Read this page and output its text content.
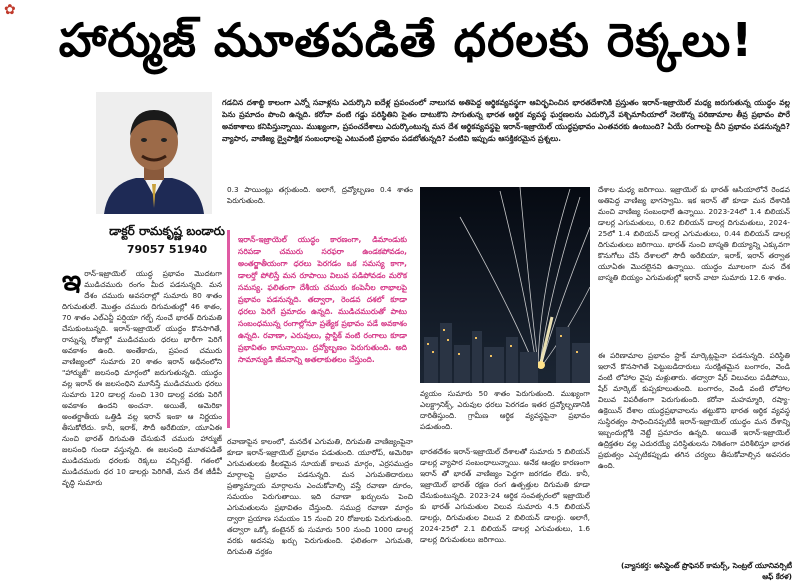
✿
హార్ముజ్ మూతపడితే ధరలకు రెక్కలు!
డాక్టర్ రామకృష్ణ బండారు
79057 51940
గడచిన దశాబ్ది కాలంగా ఎన్నో సవాళ్లను ఎదుర్కొని ఐదేళ్ల ప్రపంచంలో నాలుగవ అతిపెద్ద ఆర్థికవ్యవస్థగా ఆవిర్భవించిన భారతదేశానికి ప్రస్తుతం ఇరాన్-ఇజ్రాయెల్ మధ్య జరుగుతున్న యుద్ధం వల్ల పెను ప్రమాదం పొంచి ఉన్నది. కరోనా వంటి గడ్డు పరిస్థితిని సైతం దాటుకొని సాగుతున్న భారత ఆర్థిక వ్యవస్థ ఘర్షణలను ఎదుర్కొనే పశ్చిమాసియాలో నెలకొన్న పరిణామాల తీవ్ర ప్రభావం పొరే అవకాశాలు కనిపిస్తున్నాయి. ముఖ్యంగా, ప్రపంచదేశాలు ఎదుర్కొంటున్న మన దేశ ఆర్థికవ్యవస్థపై ఇరాన్-ఇజ్రాయెల్ యుద్ధప్రభావం ఎంతవరకు ఉంటుంది? ఏయే రంగాలపై దీని ప్రభావం పడనున్నది? వ్యాపార, వాణిజ్య ద్వైపాక్షిక సంబంధాలపై ఎటువంటి ప్రభావం పడబోతున్నది? వంటివి ఇప్పుడు ఆసక్తికరమైన ప్రశ్నలు.
ఇ రాన్-ఇజ్రాయెల్ యుద్ధ ప్రభావం మొదటగా ముడిచమురు రంగం మీద పడనున్నది. మన దేశం చమురు అవసరాల్లో సుమారు 80 శాతం దిగుమతులే. మొత్తం చమురు దిగుమతుల్లో 46 శాతం, 70 శాతం ఎల్ఎన్జీ పర్షియా గల్ఫ్ నుంచే భారత్ దిగుమతి చేసుకుంటున్నది. ఇరాన్-ఇజ్రాయెల్ యుద్ధం కొనసాగితే, రాన్నున్న రోజుల్లో ముడిచమురు ధరలు భారీగా పెరిగే అవకాశం ఉంది. అంతేకాదు, ప్రపంచ చమురు వాణిజ్యంలో సుమారు 20 శాతం ఇరాన్ అధీనంలోని "హార్ముజ్" జలసంధి మార్గంలో జరుగుతున్నది. యుద్ధం వల్ల ఇరాన్ ఈ జలసంధిని మూసేస్తే ముడిచమురు ధరలు సుమారు 120 డాలర్ల నుంచి 130 డాలర్ల వరకు పెరిగే అవకాశం ఉందని అంచనా. అయితే, అమెరికా అంతర్జాతీయ ఒత్తిడి వల్ల ఇరాన్ ఇంకా ఆ నిర్ణయం తీసుకోలేదు. కానీ, ఇరాక్, సౌదీ అరేబియా, యూఏఈ నుంచి భారత్ దిగుమతి చేసుకునే చమురు హార్ముజ్ జలసంధి గుండా వస్తున్నది. ఈ జలసంధి మూతపడితే ముడిచమురు ధరలకు రెక్కలు వచ్చినట్టే. గతంలో ముడిచమురు ధర 10 డాలర్లు పెరిగితే, మన దేశ జీడీపీ వృద్ధి సుమారు
0.3 పాయింట్లు తగ్గుతుంది. అలాగే, ద్రవ్యోల్బణం 0.4 శాతం పెరుగుతుంది.
ఇరాన్-ఇజ్రాయెల్ యుద్ధం కారణంగా, డిమాండుకు సరిపడా చమురు సరఫరా ఉండకపోవడం, అంతర్జాతీయంగా ధరలు పెరగడం ఒక సమస్య కాగా, డాలర్తో పోలిస్తే మన రూపాయి విలువ పడిపోవడం మరొక సమస్య. ఫలితంగా దేశీయ చమురు కంపెనీల లాభాలపై ప్రభావం పడనున్నది. తద్వారా, రెండవ దశలో కూడా ధరలు పెరిగే ప్రమాదం ఉన్నది. ముడిచమురుతో పాటు సంబంధమున్న రంగాల్లోనూ ప్రత్యేక ప్రభావం పడే అవకాశం ఉన్నది. రవాణా, ఎరువులు, ప్లాస్టిక్ వంటి రంగాలు కూడా ప్రభావితం కానున్నాయి. ద్రవ్యోల్బణం పెరుగుతుంది. అది సామాన్యుడి జీవనాన్ని అతలాకుతలం చేస్తుంది.
రవాణాపైన కాలంలో, మనదేశ ఎగుమతి, దిగుమతి వాణిజ్యంపైనా కూడా ఇరాన్-ఇజ్రాయెల్ ప్రభావం పడుతుంది. యూరోప్, అమెరికా ఎగుమతులకు కీలకమైన సూయజ్ కాలువ మార్గం, ఎర్రసముద్రం మార్గాలపై ప్రభావం పడనున్నది. మన ఎగుమతిదారులు ప్రత్యామ్నాయ మార్గాలను ఎంచుకోవాల్సి వస్తే రవాణా దూరం, సమయం పెరుగుతాయి. ఇది రవాణా ఖర్చులను పెంచి ఎగుమతులను ప్రభావితం చేస్తుంది. సముద్ర రవాణా మార్గం ద్వారా ప్రయాణ సమయం 15 నుంచి 20 రోజులకు పెరుగుతుంది. తద్వారా ఒక్కో కంటైనర్ కు సుమారు 500 నుంచి 1000 డాలర్ల వరకు అదనపు ఖర్చు పెరుగుతుంది. ఫలితంగా ఎగుమతి, దిగుమతి వర్తకం
వ్యయం సుమారు 50 శాతం పెరుగుతుంది. ముఖ్యంగా ఎలక్ట్రానిక్స్, ఎరువుల ధరలు పెరగడం ఇతర ద్రవ్యోల్బణానికి దారితీస్తుంది. గ్రామీణ ఆర్థిక వ్యవస్థపైనా ప్రభావం పడుతుంది.
భారతదేశం ఇరాన్-ఇజ్రాయెల్ దేశాలతో సుమారు 5 బిలియన్ డాలర్ల వ్యాపార సంబంధాలున్నాయి. అనేక ఆంక్షల కారణంగా ఇరాన్ తో భారత్ వాణిజ్యం పెద్దగా జరగడం లేదు. కానీ, ఇజ్రాయెల్ భారత్ రక్షణ రంగ ఉత్పత్తుల దిగుమతి కూడా చేసుకుంటున్నది. 2023-24 ఆర్థిక సంవత్సరంలో ఇజ్రాయెల్ కు భారత్ ఎగుమతుల విలువ సుమారు 4.5 బిలియన్ డాలర్లు, దిగుమతుల విలువ 2 బిలియన్ డాలర్లు. అలాగే, 2024-25లో 2.1 బిలియన్ డాలర్ల ఎగుమతులు, 1.6 డాలర్ల దిగుమతులు జరిగాయి.
దేశాల మధ్య జరిగాయి. ఇజ్రాయెల్ కు భారత్ ఆసియాలోనే రెండవ అతిపెద్ద వాణిజ్య భాగస్వామి. ఇక ఇరాన్ తో కూడా మన దేశానికి మంచి వాణిజ్య సంబంధాలే ఉన్నాయి. 2023-24లో 1.4 బిలియన్ డాలర్ల ఎగుమతులు, 0.62 బిలియన్ డాలర్ల దిగుమతులు, 2024-25లో 1.4 బిలియన్ డాలర్ల ఎగుమతులు, 0.44 బిలియన్ డాలర్ల దిగుమతులు జరిగాయి. భారత్ నుంచి బాస్మతి బియ్యాన్ని ఎక్కువగా కొనుగోలు చేసే దేశాలలో సౌదీ అరేబియా, ఇరాక్, ఇరాన్ తర్వాత యూఏఈ మొదలైనవి ఉన్నాయి. యుద్ధం మూలంగా మన దేశ బాస్మతి బియ్యం ఎగుమతుల్లో ఇరాన్ వాటా సుమారు 12.6 శాతం.
ఈ పరిణామాల ప్రభావం స్టాక్ మార్కెట్లపైనా పడనున్నది. పరిస్థితి ఇలానే కొనసాగితే పెట్టుబడిదారులు సురక్షితమైన బంగారం, వెండి వంటి లోహాల వైపు మళ్లుతారు. తద్వారా షేర్ విలువలు పడిపోయి, షేర్ మార్కెట్ కుప్పకూలుతుంది. బంగారం, వెండి వంటి లోహాల విలువ విపరీతంగా పెరుగుతుంది. కరోనా మహమ్మారి, రష్యా-ఉక్రెయిన్ దేశాల యుద్ధప్రభావాలను తట్టుకొని భారత ఆర్థిక వ్యవస్థ సుస్థిరత్వం సాధించినప్పటికీ ఇరాన్-ఇజ్రాయెల్ యుద్ధం మన దేశాన్ని ఇబ్బందుల్లోకి నెట్టే ప్రమాదం ఉన్నది. అయితే ఇరాన్-ఇజ్రాయెల్ ఉద్రిక్తతల వల్ల ఎదురయ్యే పరిస్థితులను నిశితంగా పరిశీలిస్తూ భారత ప్రభుత్వం ఎప్పటికప్పుడు తగిన చర్యలు తీసుకోవాల్సిన అవసరం ఉంది.
(వ్యాసకర్త: అసిస్టెంట్ ప్రొఫెసర్ కామర్స్, సెంట్రల్ యూనివర్సిటీ ఆఫ్ కేరళ)
